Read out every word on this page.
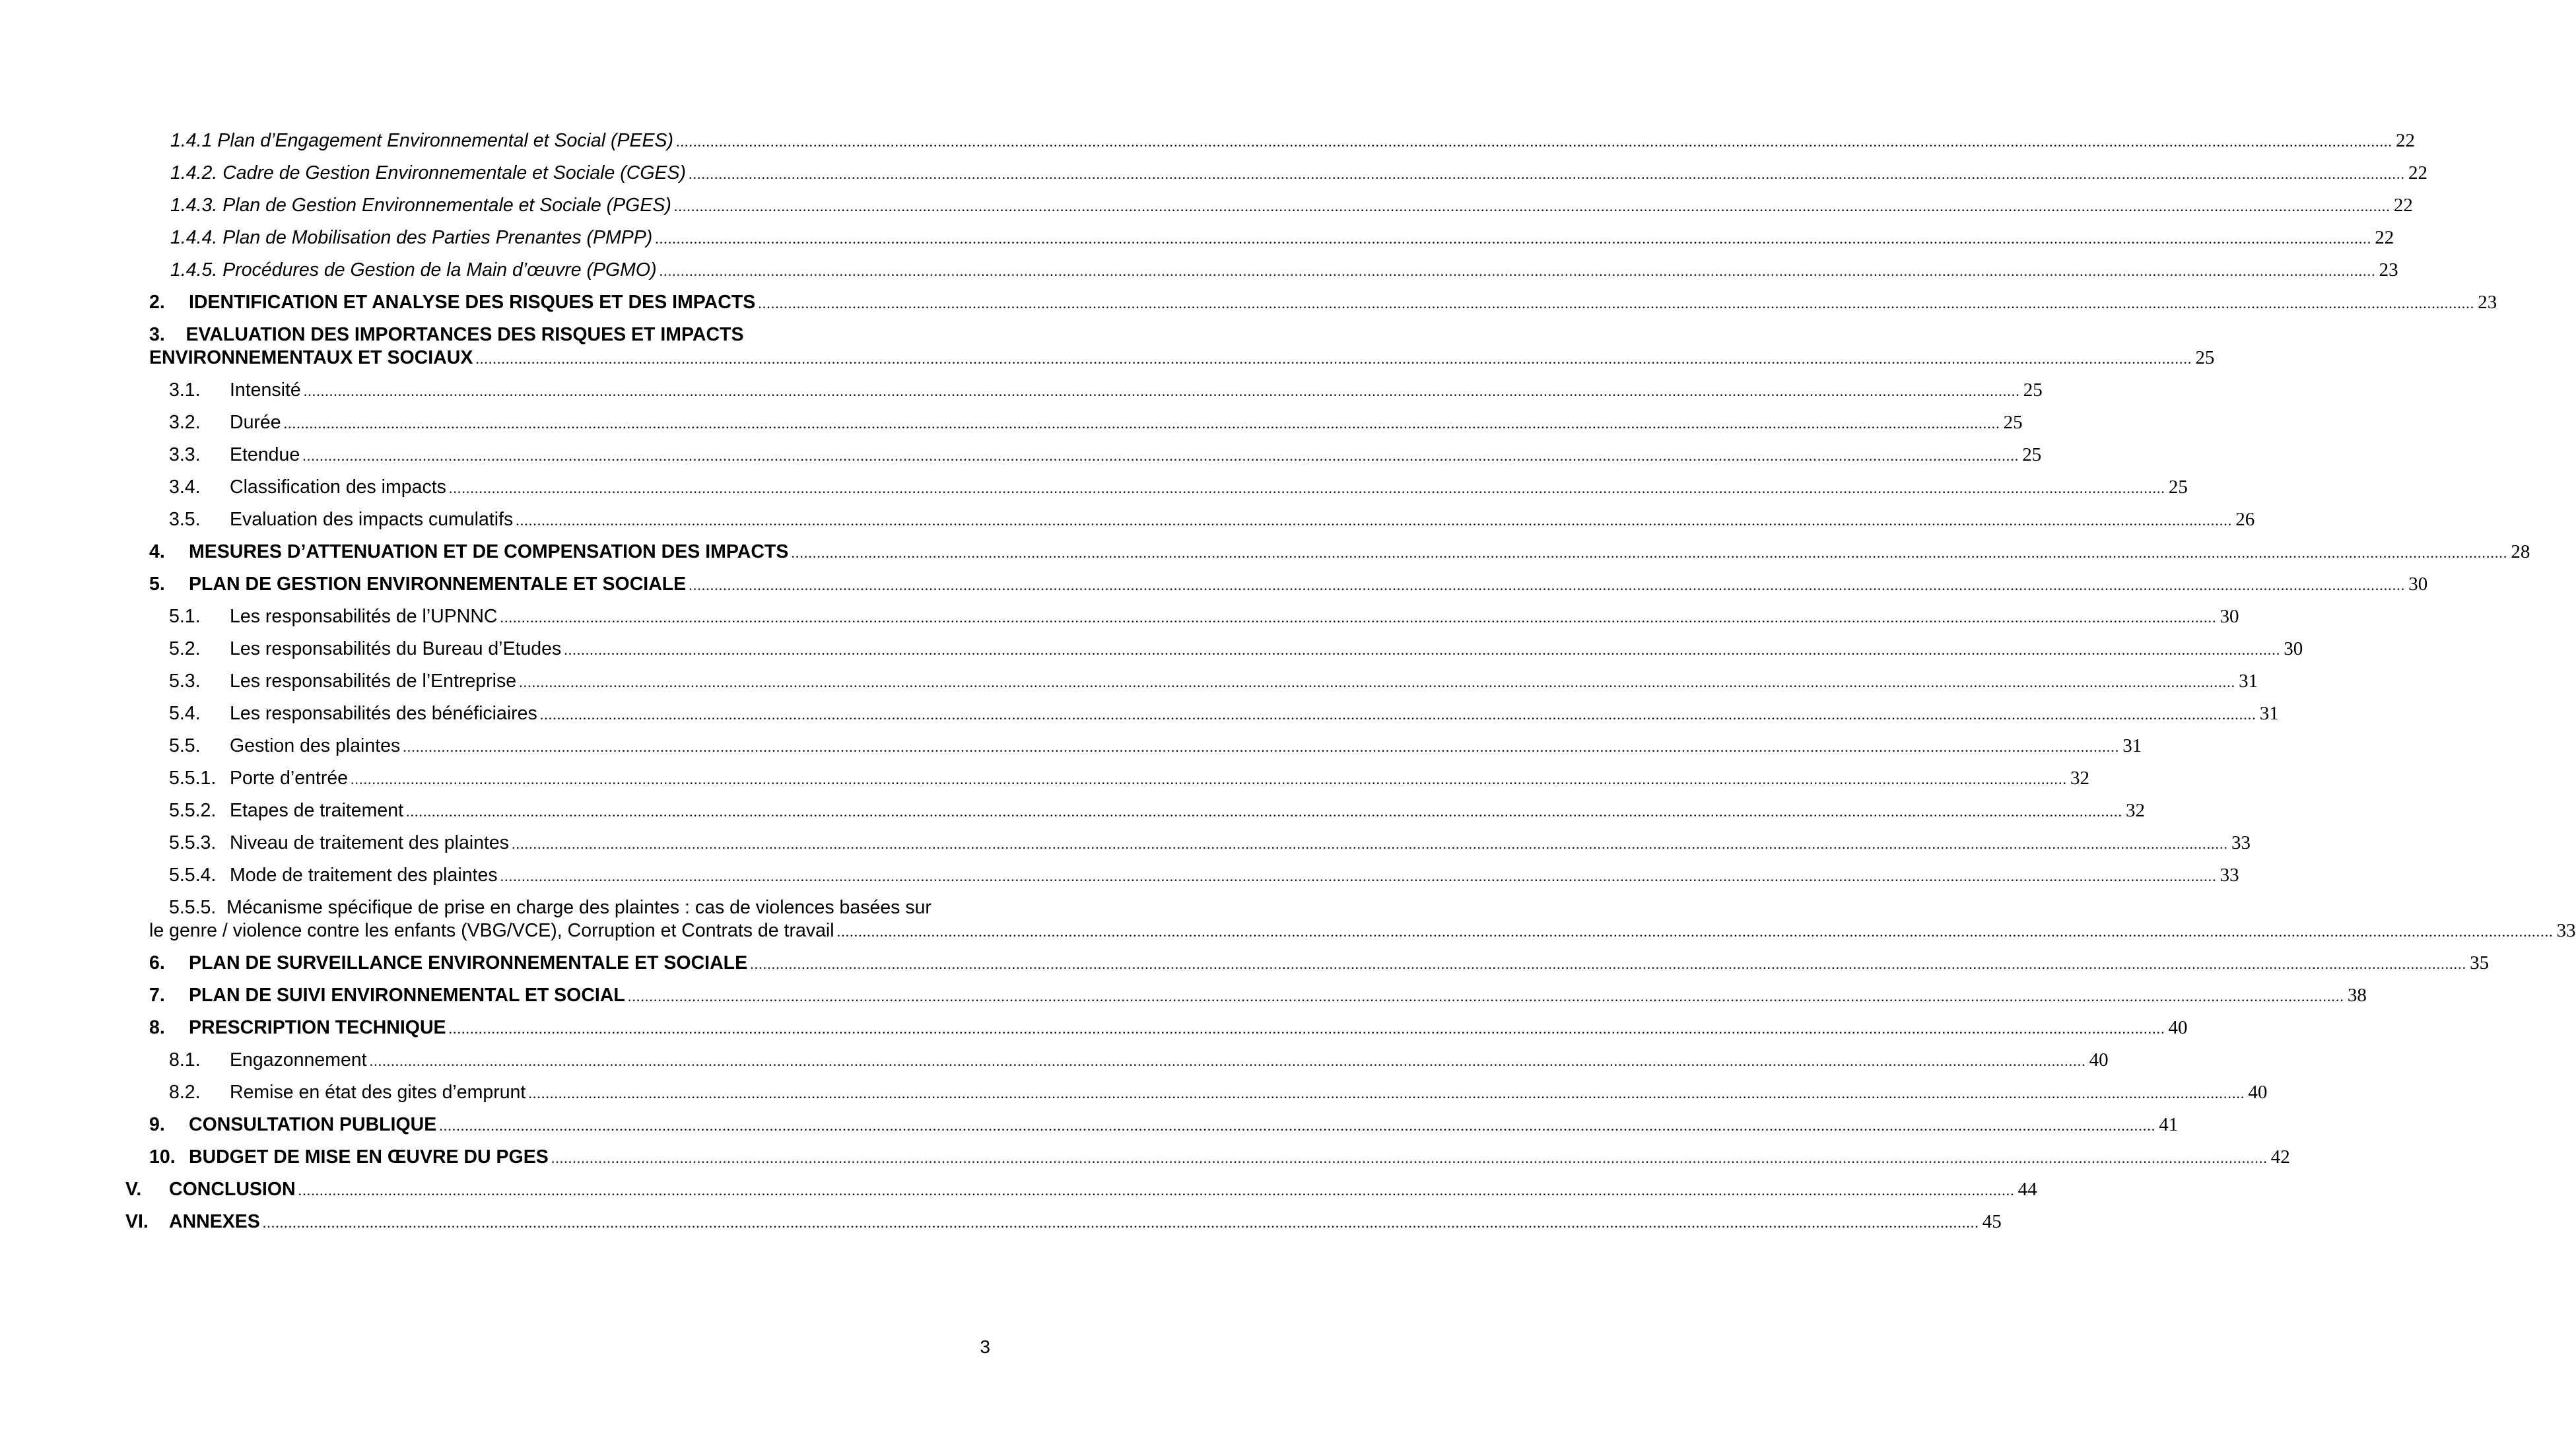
1.4.1 Plan d’Engagement Environnemental et Social (PEES) ................................................................................................................................................................................................................................................................................................................................................................................................................ 22
1.4.2. Cadre de Gestion Environnementale et Sociale (CGES) ................................................................................................................................................................................................................................................................................................................................................................................................................ 22
1.4.3. Plan de Gestion Environnementale et Sociale (PGES) ................................................................................................................................................................................................................................................................................................................................................................................................................ 22
1.4.4. Plan de Mobilisation des Parties Prenantes (PMPP) ................................................................................................................................................................................................................................................................................................................................................................................................................ 22
1.4.5. Procédures de Gestion de la Main d’œuvre (PGMO) ................................................................................................................................................................................................................................................................................................................................................................................................................ 23
2. IDENTIFICATION ET ANALYSE DES RISQUES ET DES IMPACTS ................................................................................................................................................................................................................................................................................................................................................................................................................ 23
3.    EVALUATION DES IMPORTANCES DES RISQUES ET IMPACTS
ENVIRONNEMENTAUX ET SOCIAUX ................................................................................................................................................................................................................................................................................................................................................................................................................ 25
3.1. Intensité ................................................................................................................................................................................................................................................................................................................................................................................................................ 25
3.2. Durée ................................................................................................................................................................................................................................................................................................................................................................................................................ 25
3.3. Etendue ................................................................................................................................................................................................................................................................................................................................................................................................................ 25
3.4. Classification des impacts ................................................................................................................................................................................................................................................................................................................................................................................................................ 25
3.5. Evaluation des impacts cumulatifs ................................................................................................................................................................................................................................................................................................................................................................................................................ 26
4. MESURES D’ATTENUATION ET DE COMPENSATION DES IMPACTS ................................................................................................................................................................................................................................................................................................................................................................................................................ 28
5. PLAN DE GESTION ENVIRONNEMENTALE ET SOCIALE ................................................................................................................................................................................................................................................................................................................................................................................................................ 30
5.1. Les responsabilités de l’UPNNC ................................................................................................................................................................................................................................................................................................................................................................................................................ 30
5.2. Les responsabilités du Bureau d’Etudes ................................................................................................................................................................................................................................................................................................................................................................................................................ 30
5.3. Les responsabilités de l’Entreprise ................................................................................................................................................................................................................................................................................................................................................................................................................ 31
5.4. Les responsabilités des bénéficiaires ................................................................................................................................................................................................................................................................................................................................................................................................................ 31
5.5. Gestion des plaintes ................................................................................................................................................................................................................................................................................................................................................................................................................ 31
5.5.1. Porte d’entrée ................................................................................................................................................................................................................................................................................................................................................................................................................ 32
5.5.2. Etapes de traitement ................................................................................................................................................................................................................................................................................................................................................................................................................ 32
5.5.3. Niveau de traitement des plaintes ................................................................................................................................................................................................................................................................................................................................................................................................................ 33
5.5.4. Mode de traitement des plaintes ................................................................................................................................................................................................................................................................................................................................................................................................................ 33
5.5.5.  Mécanisme spécifique de prise en charge des plaintes : cas de violences basées sur
le genre / violence contre les enfants (VBG/VCE), Corruption et Contrats de travail ................................................................................................................................................................................................................................................................................................................................................................................................................ 33
6. PLAN DE SURVEILLANCE ENVIRONNEMENTALE ET SOCIALE ................................................................................................................................................................................................................................................................................................................................................................................................................ 35
7. PLAN DE SUIVI ENVIRONNEMENTAL ET SOCIAL ................................................................................................................................................................................................................................................................................................................................................................................................................ 38
8. PRESCRIPTION TECHNIQUE ................................................................................................................................................................................................................................................................................................................................................................................................................ 40
8.1. Engazonnement ................................................................................................................................................................................................................................................................................................................................................................................................................ 40
8.2. Remise en état des gites d’emprunt ................................................................................................................................................................................................................................................................................................................................................................................................................ 40
9. CONSULTATION PUBLIQUE ................................................................................................................................................................................................................................................................................................................................................................................................................ 41
10. BUDGET DE MISE EN ŒUVRE DU PGES ................................................................................................................................................................................................................................................................................................................................................................................................................ 42
V. CONCLUSION ................................................................................................................................................................................................................................................................................................................................................................................................................ 44
VI. ANNEXES ................................................................................................................................................................................................................................................................................................................................................................................................................ 45
3
